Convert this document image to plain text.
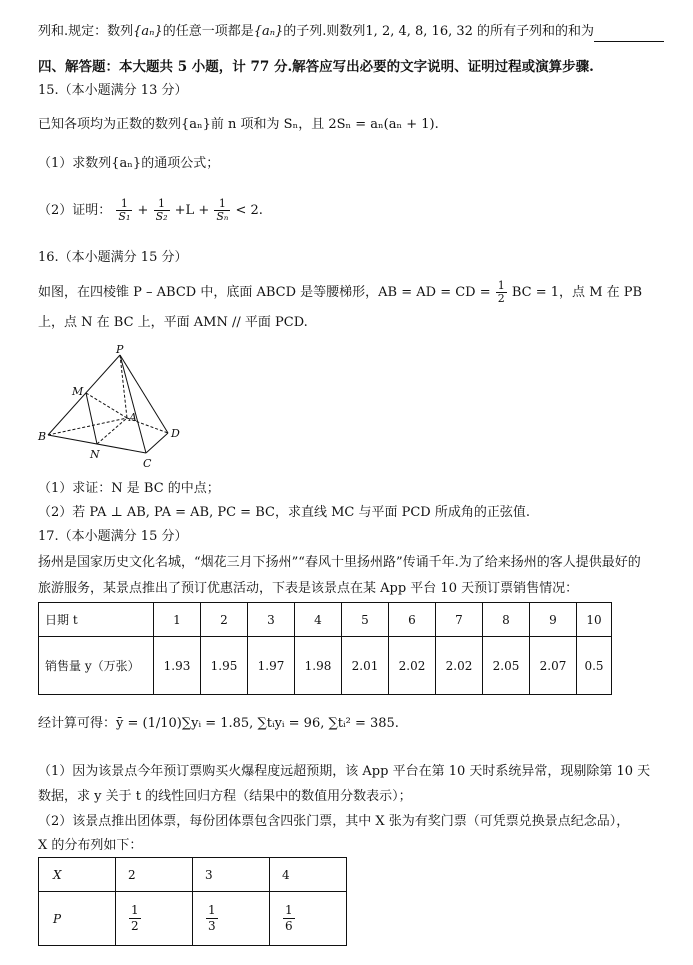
列和.规定：数列{aₙ}的任意一项都是{aₙ}的子列.则数列1, 2, 4, 8, 16, 32 的所有子列和的和为
四、解答题：本大题共 5 小题，计 77 分.解答应写出必要的文字说明、证明过程或演算步骤.
15.（本小题满分 13 分）
已知各项均为正数的数列{aₙ}前 n 项和为 Sₙ，且 2Sₙ = aₙ(aₙ + 1).
（1）求数列{aₙ}的通项公式；
（2）证明： $\frac{1}{\text{S₁}} + \frac{1}{\text{S₂}} +L + \frac{1}{\text{Sₙ}} < 2$.
16.（本小题满分 15 分）
如图，在四棱锥 P – ABCD 中，底面 ABCD 是等腰梯形，AB = AD = CD = $\frac{1}{2}$ BC = 1，点 M 在 PB
上，点 N 在 BC 上，平面 AMN // 平面 PCD.
P
M
A
B	D
N
C
（1）求证：N 是 BC 的中点；
（2）若 PA ⊥ AB, PA = AB, PC = BC，求直线 MC 与平面 PCD 所成角的正弦值.
17.（本小题满分 15 分）
扬州是国家历史文化名城，“烟花三月下扬州”“春风十里扬州路”传诵千年.为了给来扬州的客人提供最好的
旅游服务，某景点推出了预订优惠活动，下表是该景点在某 App 平台 10 天预订票销售情况：
日期 t	1	2	3	4	5	6	7	8	9	10
销售量 y（万张）	1.93	1.95	1.97	1.98	2.01	2.02	2.02	2.05	2.07	0.5
经计算可得：ȳ = (1/10)∑yᵢ = 1.85, ∑tᵢyᵢ = 96, ∑tᵢ² = 385.
（1）因为该景点今年预订票购买火爆程度远超预期，该 App 平台在第 10 天时系统异常，现剔除第 10 天
数据，求 y 关于 t 的线性回归方程（结果中的数值用分数表示）；
（2）该景点推出团体票，每份团体票包含四张门票，其中 X 张为有奖门票（可凭票兑换景点纪念品），
X 的分布列如下：
X	2	3	4
P	$\frac{1}{2}$	$\frac{1}{3}$	$\frac{1}{6}$
